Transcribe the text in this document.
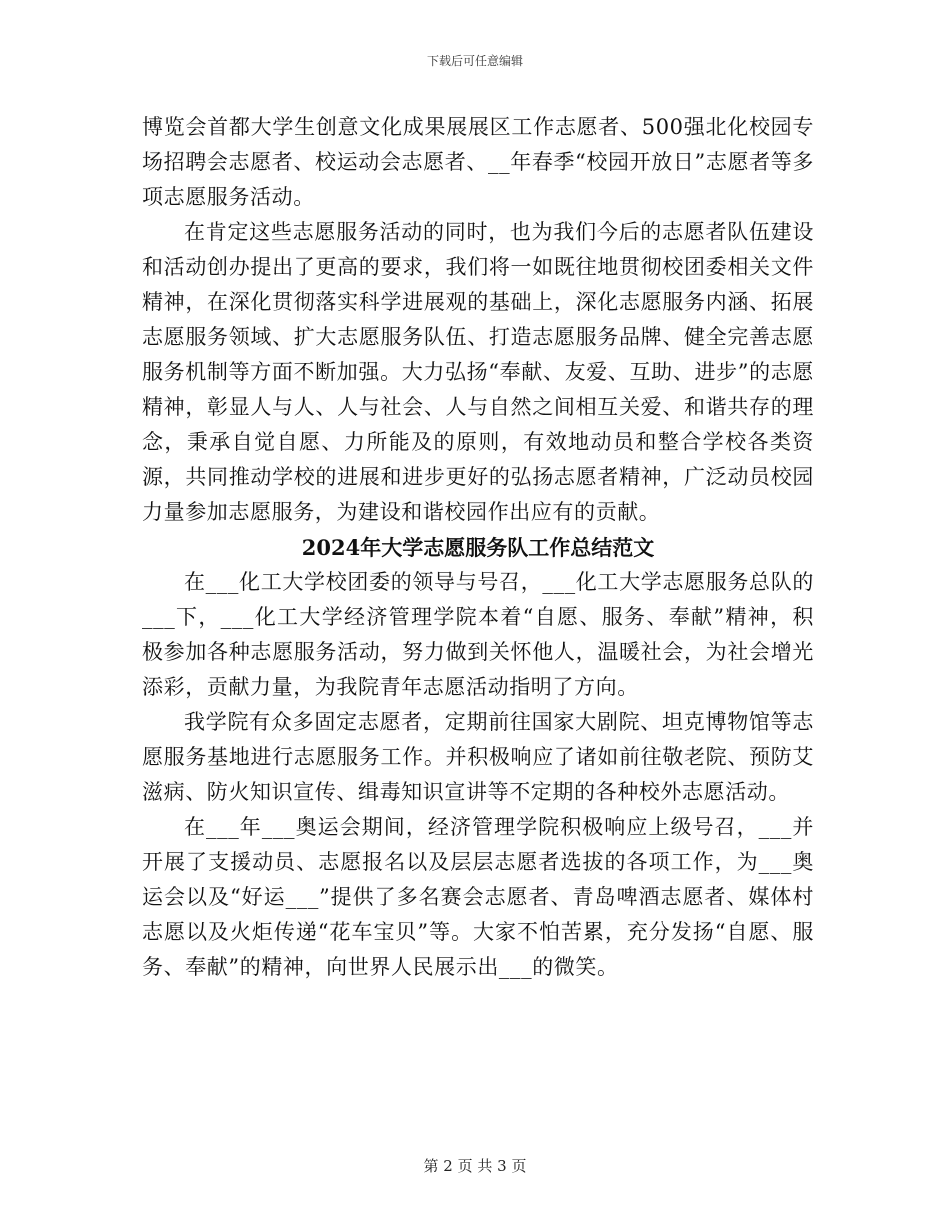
下载后可任意编辑

博览会首都大学生创意文化成果展展区工作志愿者、500强北化校园专场招聘会志愿者、校运动会志愿者、__年春季“校园开放日”志愿者等多项志愿服务活动。

在肯定这些志愿服务活动的同时，也为我们今后的志愿者队伍建设和活动创办提出了更高的要求，我们将一如既往地贯彻校团委相关文件精神，在深化贯彻落实科学进展观的基础上，深化志愿服务内涵、拓展志愿服务领域、扩大志愿服务队伍、打造志愿服务品牌、健全完善志愿服务机制等方面不断加强。大力弘扬“奉献、友爱、互助、进步”的志愿精神，彰显人与人、人与社会、人与自然之间相互关爱、和谐共存的理念，秉承自觉自愿、力所能及的原则，有效地动员和整合学校各类资源，共同推动学校的进展和进步更好的弘扬志愿者精神，广泛动员校园力量参加志愿服务，为建设和谐校园作出应有的贡献。

2024年大学志愿服务队工作总结范文

在___化工大学校团委的领导与号召，___化工大学志愿服务总队的___下，___化工大学经济管理学院本着“自愿、服务、奉献”精神，积极参加各种志愿服务活动，努力做到关怀他人，温暖社会，为社会增光添彩，贡献力量，为我院青年志愿活动指明了方向。

我学院有众多固定志愿者，定期前往国家大剧院、坦克博物馆等志愿服务基地进行志愿服务工作。并积极响应了诸如前往敬老院、预防艾滋病、防火知识宣传、缉毒知识宣讲等不定期的各种校外志愿活动。

在___年___奥运会期间，经济管理学院积极响应上级号召，___并开展了支援动员、志愿报名以及层层志愿者选拔的各项工作，为___奥运会以及“好运___”提供了多名赛会志愿者、青岛啤酒志愿者、媒体村志愿以及火炬传递“花车宝贝”等。大家不怕苦累，充分发扬“自愿、服务、奉献”的精神，向世界人民展示出___的微笑。

第 2 页 共 3 页
